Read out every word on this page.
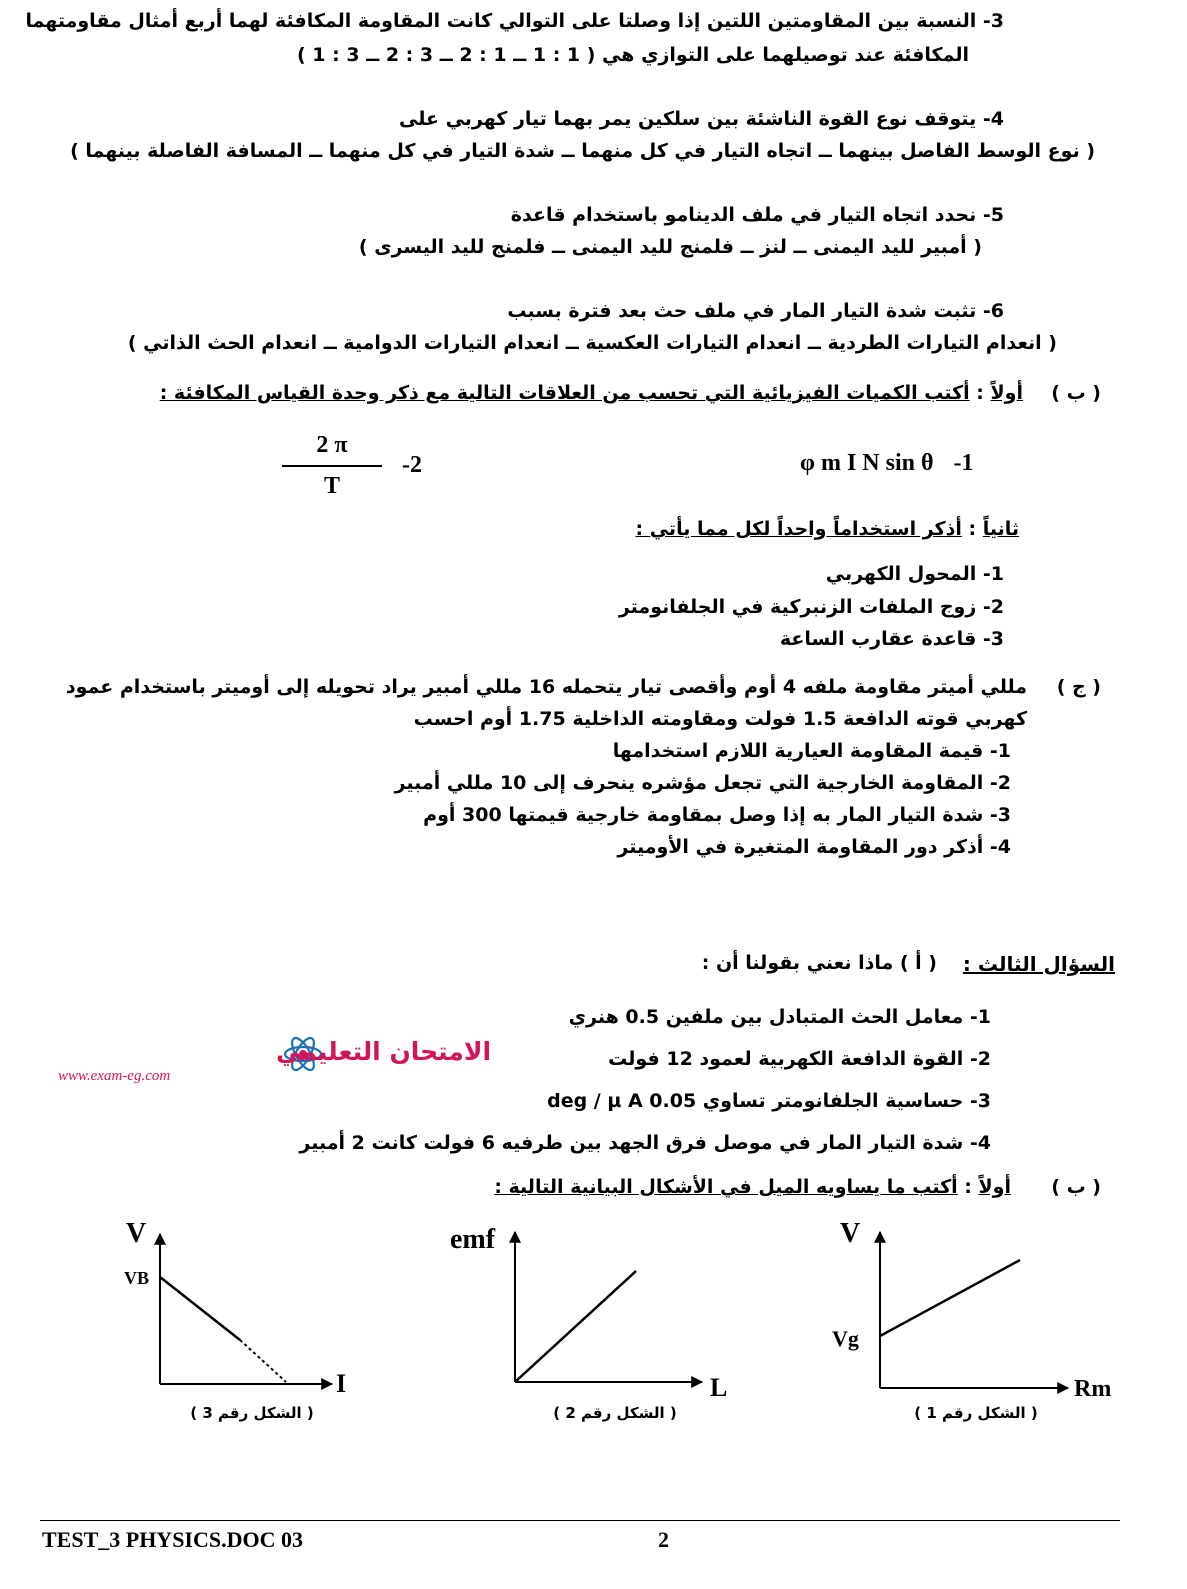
3- النسبة بين المقاومتين اللتين إذا وصلتا على التوالي كانت المقاومة المكافئة لهما أربع أمثال مقاومتهما
المكافئة عند توصيلهما على التوازي هي ( 1 : 1 ــ 1 : 2 ــ 3 : 2 ــ 3 : 1 )
4- يتوقف نوع القوة الناشئة بين سلكين يمر بهما تيار كهربي على
( نوع الوسط الفاصل بينهما ــ اتجاه التيار في كل منهما ــ شدة التيار في كل منهما ــ المسافة الفاصلة بينهما )
5- نحدد اتجاه التيار في ملف الدينامو باستخدام قاعدة
( أمبير لليد اليمنى ــ لنز ــ فلمنج لليد اليمنى ــ فلمنج لليد اليسرى )
6- تثبت شدة التيار المار في ملف حث بعد فترة بسبب
( انعدام التيارات الطردية ــ انعدام التيارات العكسية ــ انعدام التيارات الدوامية ــ انعدام الحث الذاتي )
( ب )
أولاً : أكتب الكميات الفيزيائية التي تحسب من العلاقات التالية مع ذكر وحدة القياس المكافئة :
φ m I N sin θ -1
2 π
T
-2
ثانياً : أذكر استخداماً واحداً لكل مما يأتي :
1- المحول الكهربي
2- زوج الملفات الزنبركية في الجلفانومتر
3- قاعدة عقارب الساعة
( ج )
مللي أميتر مقاومة ملفه 4 أوم وأقصى تيار يتحمله 16 مللي أمبير يراد تحويله إلى أوميتر باستخدام عمود
كهربي قوته الدافعة 1.5 فولت ومقاومته الداخلية 1.75 أوم احسب
1- قيمة المقاومة العيارية اللازم استخدامها
2- المقاومة الخارجية التي تجعل مؤشره ينحرف إلى 10 مللي أمبير
3- شدة التيار المار به إذا وصل بمقاومة خارجية قيمتها 300 أوم
4- أذكر دور المقاومة المتغيرة في الأوميتر
السؤال الثالث :
( أ ) ماذا نعني بقولنا أن :
1- معامل الحث المتبادل بين ملفين 0.5 هنري
2- القوة الدافعة الكهربية لعمود 12 فولت
3- حساسية الجلفانومتر تساوي 0.05 deg / µ A
4- شدة التيار المار في موصل فرق الجهد بين طرفيه 6 فولت كانت 2 أمبير
( ب )
أولاً : أكتب ما يساويه الميل في الأشكال البيانية التالية :
الامتحان التعليمي
www.exam-eg.com
V
I
VB
( الشكل رقم 3 )
emf
L
( الشكل رقم 2 )
V
Rm
Vg
( الشكل رقم 1 )
TEST_3 PHYSICS.DOC 03	2
